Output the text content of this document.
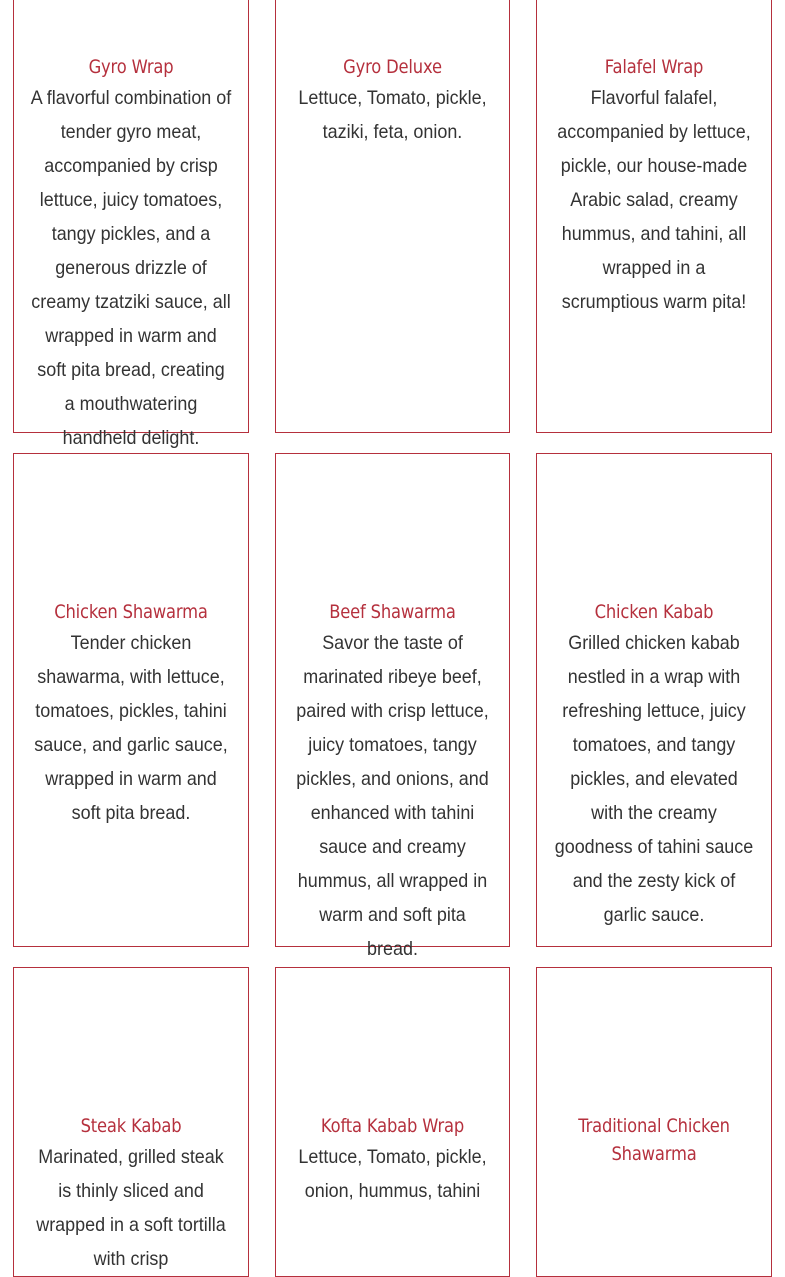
Gyro Wrap
A flavorful combination of tender gyro meat, accompanied by crisp lettuce, juicy tomatoes, tangy pickles, and a generous drizzle of creamy tzatziki sauce, all wrapped in warm and soft pita bread, creating a mouthwatering handheld delight.
Gyro Deluxe
Lettuce, Tomato, pickle, taziki, feta, onion.
Falafel Wrap
Flavorful falafel, accompanied by lettuce, pickle, our house-made Arabic salad, creamy hummus, and tahini, all wrapped in a scrumptious warm pita!
Chicken Shawarma
Tender chicken shawarma, with lettuce, tomatoes, pickles, tahini sauce, and garlic sauce, wrapped in warm and soft pita bread.
Beef Shawarma
Savor the taste of marinated ribeye beef, paired with crisp lettuce, juicy tomatoes, tangy pickles, and onions, and enhanced with tahini sauce and creamy hummus, all wrapped in warm and soft pita bread.
Chicken Kabab
Grilled chicken kabab nestled in a wrap with refreshing lettuce, juicy tomatoes, and tangy pickles, and elevated with the creamy goodness of tahini sauce and the zesty kick of garlic sauce.
Steak Kabab
Marinated, grilled steak is thinly sliced and wrapped in a soft tortilla with crisp
Kofta Kabab Wrap
Lettuce, Tomato, pickle, onion, hummus, tahini
Traditional Chicken Shawarma
